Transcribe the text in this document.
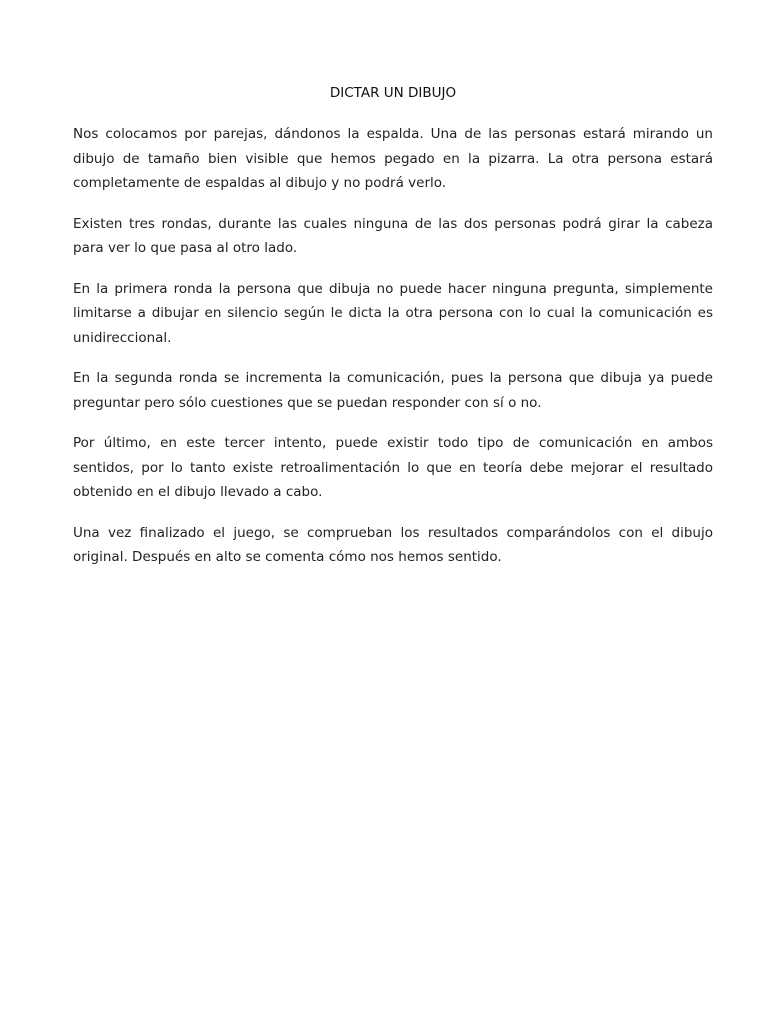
DICTAR UN DIBUJO

Nos colocamos por parejas, dándonos la espalda. Una de las personas estará mirando un dibujo de tamaño bien visible que hemos pegado en la pizarra. La otra persona estará completamente de espaldas al dibujo y no podrá verlo.

Existen tres rondas, durante las cuales ninguna de las dos personas podrá girar la cabeza para ver lo que pasa al otro lado.

En la primera ronda la persona que dibuja no puede hacer ninguna pregunta, simplemente limitarse a dibujar en silencio según le dicta la otra persona con lo cual la comunicación es unidireccional.

En la segunda ronda se incrementa la comunicación, pues la persona que dibuja ya puede preguntar pero sólo cuestiones que se puedan responder con sí o no.

Por último, en este tercer intento, puede existir todo tipo de comunicación en ambos sentidos, por lo tanto existe retroalimentación lo que en teoría debe mejorar el resultado obtenido en el dibujo llevado a cabo.

Una vez finalizado el juego, se comprueban los resultados comparándolos con el dibujo original. Después en alto se comenta cómo nos hemos sentido.
